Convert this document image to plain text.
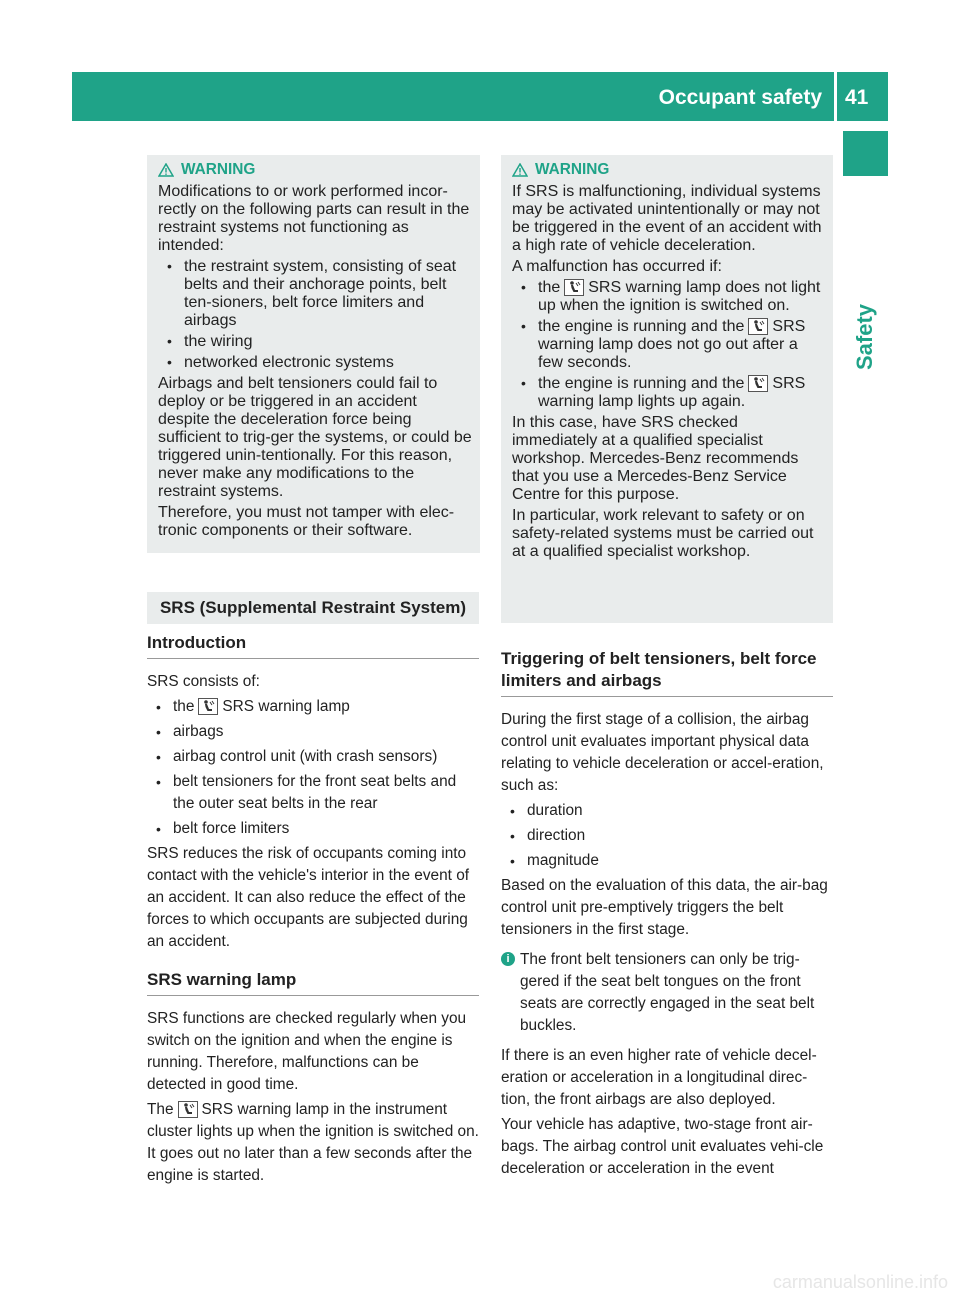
Occupant safety 41
Safety
WARNING

Modifications to or work performed incor-rectly on the following parts can result in the restraint systems not functioning as intended:

• the restraint system, consisting of seat belts and their anchorage points, belt ten-sioners, belt force limiters and airbags
• the wiring
• networked electronic systems

Airbags and belt tensioners could fail to deploy or be triggered in an accident despite the deceleration force being sufficient to trig-ger the systems, or could be triggered unin-tentionally. For this reason, never make any modifications to the restraint systems.

Therefore, you must not tamper with elec-tronic components or their software.

SRS (Supplemental Restraint System)
Introduction

SRS consists of:

• the SRS warning lamp
• airbags
• airbag control unit (with crash sensors)
• belt tensioners for the front seat belts and the outer seat belts in the rear
• belt force limiters

SRS reduces the risk of occupants coming into contact with the vehicle's interior in the event of an accident. It can also reduce the effect of the forces to which occupants are subjected during an accident.

SRS warning lamp

SRS functions are checked regularly when you switch on the ignition and when the engine is running. Therefore, malfunctions can be detected in good time.

The SRS warning lamp in the instrument cluster lights up when the ignition is switched on. It goes out no later than a few seconds after the engine is started.

WARNING

If SRS is malfunctioning, individual systems may be activated unintentionally or may not be triggered in the event of an accident with a high rate of vehicle deceleration.

A malfunction has occurred if:

• the SRS warning lamp does not light up when the ignition is switched on.
• the engine is running and the SRS warning lamp does not go out after a few seconds.
• the engine is running and the SRS warning lamp lights up again.

In this case, have SRS checked immediately at a qualified specialist workshop. Mercedes-Benz recommends that you use a Mercedes-Benz Service Centre for this purpose.

In particular, work relevant to safety or on safety-related systems must be carried out at a qualified specialist workshop.

Triggering of belt tensioners, belt force limiters and airbags

During the first stage of a collision, the airbag control unit evaluates important physical data relating to vehicle deceleration or accel-eration, such as:

• duration
• direction
• magnitude

Based on the evaluation of this data, the air-bag control unit pre-emptively triggers the belt tensioners in the first stage.

i The front belt tensioners can only be trig-gered if the seat belt tongues on the front seats are correctly engaged in the seat belt buckles.

If there is an even higher rate of vehicle decel-eration or acceleration in a longitudinal direc-tion, the front airbags are also deployed.

Your vehicle has adaptive, two-stage front air-bags. The airbag control unit evaluates vehi-cle deceleration or acceleration in the event

carmanualsonline.info
